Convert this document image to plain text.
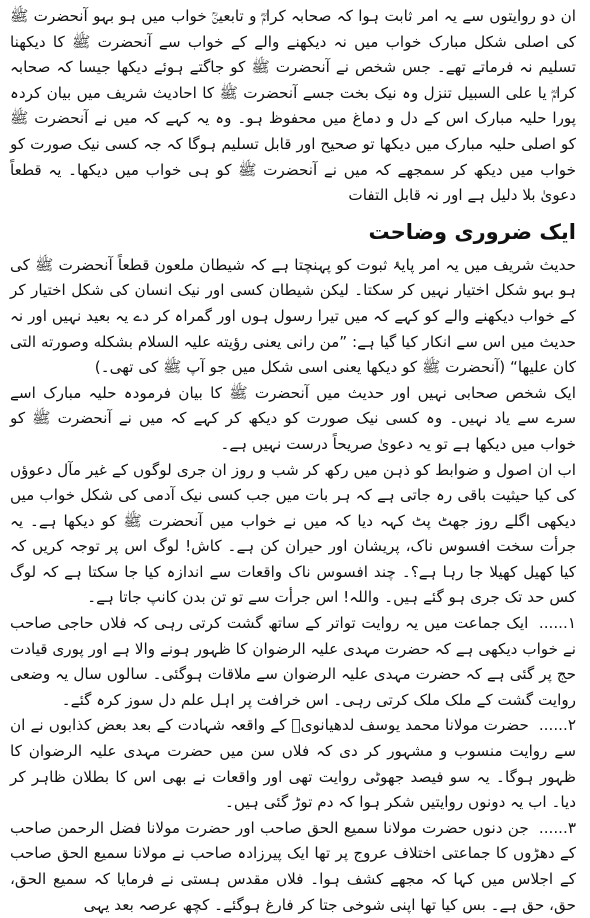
ان دو روایتوں سے یہ امر ثابت ہوا کہ صحابہ کرامؓ و تابعینؒ خواب میں ہو بہو آنحضرت ﷺ کی اصلی شکل مبارک خواب میں نہ دیکھنے والے کے خواب سے آنحضرت ﷺ کا دیکھنا تسلیم نہ فرماتے تھے۔ جس شخص نے آنحضرت ﷺ کو جاگتے ہوئے دیکھا جیسا کہ صحابہ کرامؓ یا علی السبیل تنزل وہ نیک بخت جسے آنحضرت ﷺ کا احادیث شریف میں بیان کردہ پورا حلیہ مبارک اس کے دل و دماغ میں محفوظ ہو۔ وہ یہ کہے کہ میں نے آنحضرت ﷺ کو اصلی حلیہ مبارک میں دیکھا تو صحیح اور قابل تسلیم ہوگا کہ جہ کسی نیک صورت کو خواب میں دیکھ کر سمجھے کہ میں نے آنحضرت ﷺ کو ہی خواب میں دیکھا۔ یہ قطعاً دعویٰ بلا دلیل ہے اور نہ قابل التفات

ایک ضروری وضاحت

حدیث شریف میں یہ امر پایۂ ثبوت کو پہنچتا ہے کہ شیطان ملعون قطعاً آنحضرت ﷺ کی ہو بہو شکل اختیار نہیں کر سکتا۔ لیکن شیطان کسی اور نیک انسان کی شکل اختیار کر کے خواب دیکھنے والے کو کہے کہ میں تیرا رسول ہوں اور گمراہ کر دے یہ بعید نہیں اور نہ حدیث میں اس سے انکار کیا گیا ہے: ”من رانی یعنی رؤیته علیہ السلام بشکله وصورته التی کان علیھا“ (آنحضرت ﷺ کو دیکھا یعنی اسی شکل میں جو آپ ﷺ کی تھی۔)

ایک شخص صحابی نہیں اور حدیث میں آنحضرت ﷺ کا بیان فرمودہ حلیہ مبارک اسے سرے سے یاد نہیں۔ وہ کسی نیک صورت کو دیکھ کر کہے کہ میں نے آنحضرت ﷺ کو خواب میں دیکھا ہے تو یہ دعویٰ صریحاً درست نہیں ہے۔

اب ان اصول و ضوابط کو ذہن میں رکھ کر شب و روز ان جری لوگوں کے غیر مآل دعوؤں کی کیا حیثیت باقی رہ جاتی ہے کہ ہر بات میں جب کسی نیک آدمی کی شکل خواب میں دیکھی اگلے روز جھٹ پٹ کہہ دیا کہ میں نے خواب میں آنحضرت ﷺ کو دیکھا ہے۔ یہ جرأت سخت افسوس ناک، پریشان اور حیران کن ہے۔ کاش! لوگ اس پر توجہ کریں کہ کیا کھیل کھیلا جا رہا ہے؟۔ چند افسوس ناک واقعات سے اندازہ کیا جا سکتا ہے کہ لوگ کس حد تک جری ہو گئے ہیں۔ واللہ! اس جرأت سے تو تن بدن کانپ جاتا ہے۔

۱...... ایک جماعت میں یہ روایت تواتر کے ساتھ گشت کرتی رہی کہ فلاں حاجی صاحب نے خواب دیکھی ہے کہ حضرت مہدی علیہ الرضوان کا ظہور ہونے والا ہے اور پوری قیادت حج پر گئی ہے کہ حضرت مہدی علیہ الرضوان سے ملاقات ہوگئی۔ سالوں سال یہ وضعی روایت گشت کے ملک ملک کرتی رہی۔ اس خرافت پر اہل علم دل سوز کرہ گئے۔

۲...... حضرت مولانا محمد یوسف لدھیانویؒ کے واقعہ شہادت کے بعد بعض کذابوں نے ان سے روایت منسوب و مشہور کر دی کہ فلاں سن میں حضرت مہدی علیہ الرضوان کا ظہور ہوگا۔ یہ سو فیصد جھوٹی روایت تھی اور واقعات نے بھی اس کا بطلان ظاہر کر دیا۔ اب یہ دونوں روایتیں شکر ہوا کہ دم توڑ گئی ہیں۔

۳...... جن دنوں حضرت مولانا سمیع الحق صاحب اور حضرت مولانا فضل الرحمن صاحب کے دھڑوں کا جماعتی اختلاف عروج پر تھا ایک پیرزادہ صاحب نے مولانا سمیع الحق صاحب کے اجلاس میں کہا کہ مجھے کشف ہوا۔ فلاں مقدس ہستی نے فرمایا کہ سمیع الحق، حق، حق ہے۔ بس کیا تھا اپنی شوخی جتا کر فارغ ہوگئے۔ کچھ عرصہ بعد یہی
